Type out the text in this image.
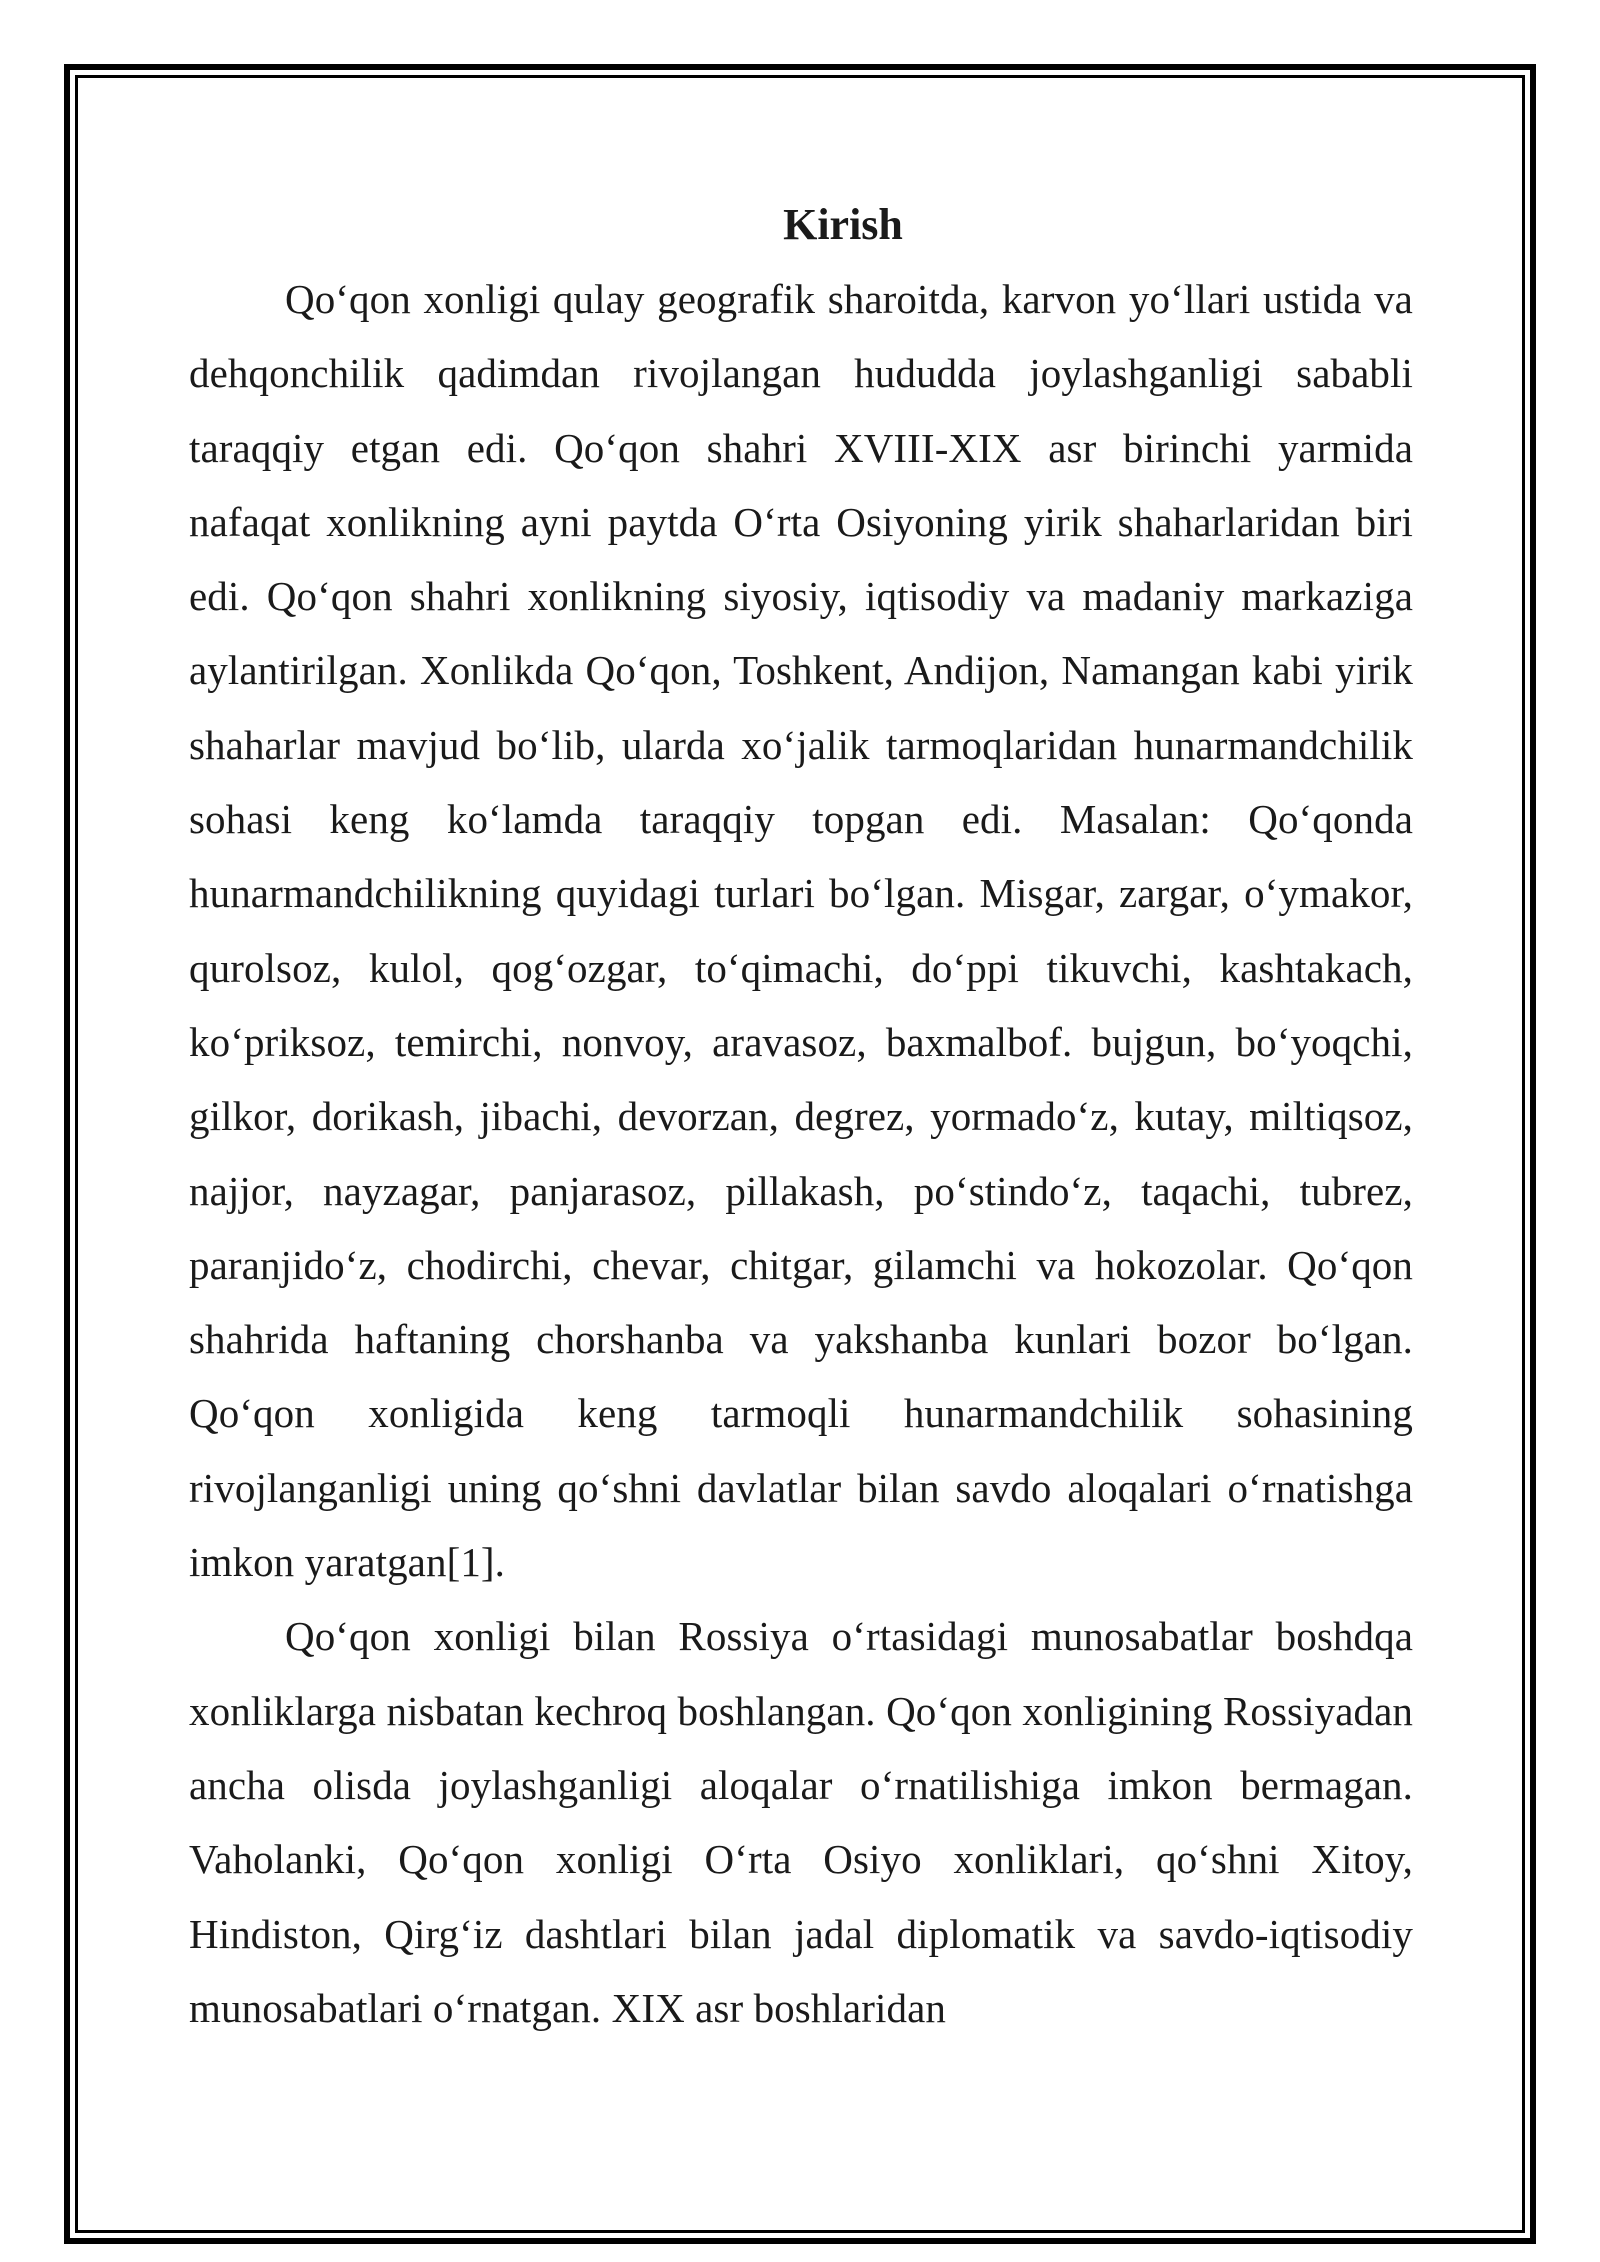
Kirish

Qo‘qon xonligi qulay geografik sharoitda, karvon yo‘llari ustida va dehqonchilik qadimdan rivojlangan hududda joylashganligi sababli taraqqiy etgan edi. Qo‘qon shahri XVIII-XIX asr birinchi yarmida nafaqat xonlikning ayni paytda O‘rta Osiyoning yirik shaharlaridan biri edi. Qo‘qon shahri xonlikning siyosiy, iqtisodiy va madaniy markaziga aylantirilgan. Xonlikda Qo‘qon, Toshkent, Andijon, Namangan kabi yirik shaharlar mavjud bo‘lib, ularda xo‘jalik tarmoqlaridan hunarmandchilik sohasi keng ko‘lamda taraqqiy topgan edi. Masalan: Qo‘qonda hunarmandchilikning quyidagi turlari bo‘lgan. Misgar, zargar, o‘ymakor, qurolsoz, kulol, qog‘ozgar, to‘qimachi, do‘ppi tikuvchi, kashtakach, ko‘priksoz, temirchi, nonvoy, aravasoz, baxmalbof. bujgun, bo‘yoqchi, gilkor, dorikash, jibachi, devorzan, degrez, yormado‘z, kutay, miltiqsoz, najjor, nayzagar, panjarasoz, pillakash, po‘stindo‘z, taqachi, tubrez, paranjido‘z, chodirchi, chevar, chitgar, gilamchi va hokozolar. Qo‘qon shahrida haftaning chorshanba va yakshanba kunlari bozor bo‘lgan. Qo‘qon xonligida keng tarmoqli hunarmandchilik sohasining rivojlanganligi uning qo‘shni davlatlar bilan savdo aloqalari o‘rnatishga imkon yaratgan[1].

Qo‘qon xonligi bilan Rossiya o‘rtasidagi munosabatlar boshdqa xonliklarga nisbatan kechroq boshlangan. Qo‘qon xonligining Rossiyadan ancha olisda joylashganligi aloqalar o‘rnatilishiga imkon bermagan. Vaholanki, Qo‘qon xonligi O‘rta Osiyo xonliklari, qo‘shni Xitoy, Hindiston, Qirg‘iz dashtlari bilan jadal diplomatik va savdo-iqtisodiy munosabatlari o‘rnatgan. XIX asr boshlaridan
